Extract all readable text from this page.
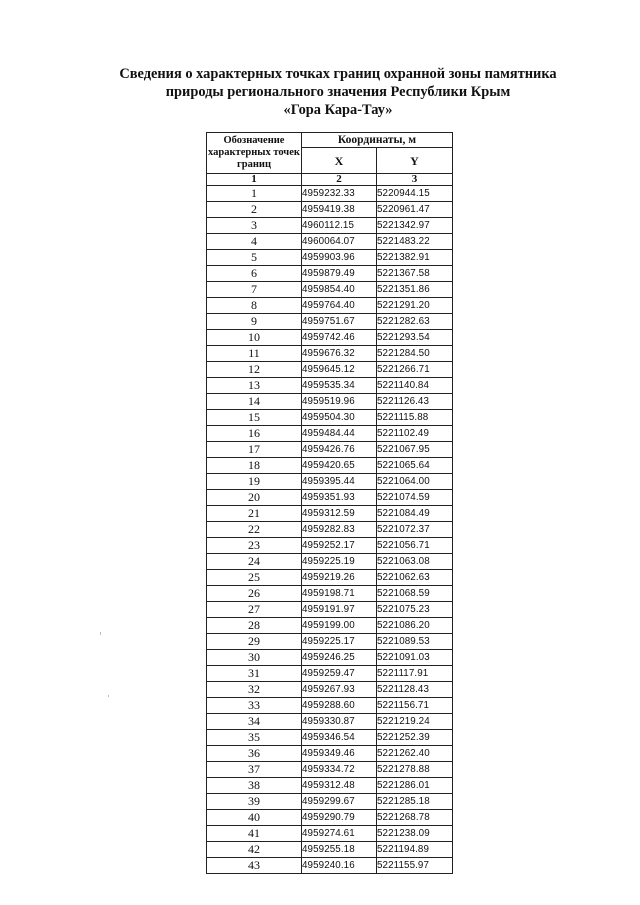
Сведения о характерных точках границ охранной зоны памятника
природы регионального значения Республики Крым
«Гора Кара-Тау»
Обозначение характерных точек границ	Координаты, м	
	X	Y
1	2	3
1	4959232.33	5220944.15
2	4959419.38	5220961.47
3	4960112.15	5221342.97
4	4960064.07	5221483.22
5	4959903.96	5221382.91
6	4959879.49	5221367.58
7	4959854.40	5221351.86
8	4959764.40	5221291.20
9	4959751.67	5221282.63
10	4959742.46	5221293.54
11	4959676.32	5221284.50
12	4959645.12	5221266.71
13	4959535.34	5221140.84
14	4959519.96	5221126.43
15	4959504.30	5221115.88
16	4959484.44	5221102.49
17	4959426.76	5221067.95
18	4959420.65	5221065.64
19	4959395.44	5221064.00
20	4959351.93	5221074.59
21	4959312.59	5221084.49
22	4959282.83	5221072.37
23	4959252.17	5221056.71
24	4959225.19	5221063.08
25	4959219.26	5221062.63
26	4959198.71	5221068.59
27	4959191.97	5221075.23
28	4959199.00	5221086.20
29	4959225.17	5221089.53
30	4959246.25	5221091.03
31	4959259.47	5221117.91
32	4959267.93	5221128.43
33	4959288.60	5221156.71
34	4959330.87	5221219.24
35	4959346.54	5221252.39
36	4959349.46	5221262.40
37	4959334.72	5221278.88
38	4959312.48	5221286.01
39	4959299.67	5221285.18
40	4959290.79	5221268.78
41	4959274.61	5221238.09
42	4959255.18	5221194.89
43	4959240.16	5221155.97
